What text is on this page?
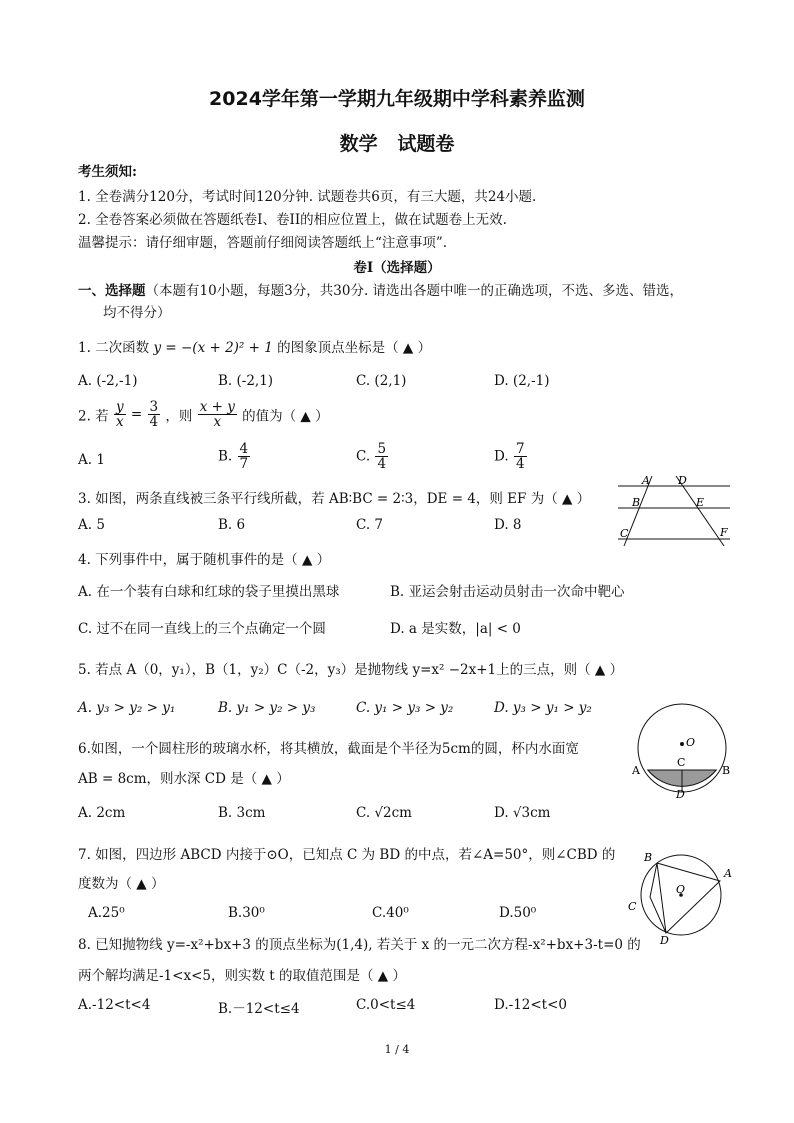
2024学年第一学期九年级期中学科素养监测
数学   试题卷
考生须知:
1. 全卷满分120分，考试时间120分钟. 试题卷共6页，有三大题，共24小题.
2. 全卷答案必须做在答题纸卷I、卷II的相应位置上，做在试题卷上无效.
温馨提示：请仔细审题，答题前仔细阅读答题纸上“注意事项”.
卷I（选择题）
一、选择题（本题有10小题，每题3分，共30分. 请选出各题中唯一的正确选项，不选、多选、错选，
均不得分）
1. 二次函数 y = −(x + 2)² + 1 的图象顶点坐标是（ ▲ ）
A. (-2,-1)	B. (-2,1)	C. (2,1)	D. (2,-1)
2. 若 $\frac{y}{x} = \frac{3}{4}$ ，则 $\frac{x + y}{x}$ 的值为（ ▲ ）
A. 1	B. $\frac{4}{7}$	C. $\frac{5}{4}$	D. $\frac{7}{4}$
3. 如图，两条直线被三条平行线所截，若 AB∶BC = 2∶3，DE = 4，则 EF 为（ ▲ ）
A. 5	B. 6	C. 7	D. 8
A
B
C
D
E
F
4. 下列事件中，属于随机事件的是（ ▲ ）
A. 在一个装有白球和红球的袋子里摸出黑球	B. 亚运会射击运动员射击一次命中靶心
C. 过不在同一直线上的三个点确定一个圆	D. a 是实数，|a| < 0
5. 若点 A（0，y₁），B（1，y₂）C（-2，y₃）是抛物线 y=x² −2x+1上的三点，则（ ▲ ）
A. y₃ > y₂ > y₁	B. y₁ > y₂ > y₃	C. y₁ > y₃ > y₂	D. y₃ > y₁ > y₂
6.如图，一个圆柱形的玻璃水杯，将其横放，截面是个半径为5cm的圆，杯内水面宽
AB = 8cm，则水深 CD 是（ ▲ ）
A. 2cm	B. 3cm	C. √2cm	D. √3cm
O
A	B
C
D
7. 如图，四边形 ABCD 内接于⊙O，已知点 C 为 BD 的中点，若∠A=50°，则∠CBD 的
度数为（ ▲ ）
A.25⁰	B.30⁰	C.40⁰	D.50⁰
B
A
O
C
D
8. 已知抛物线 y=-x²+bx+3 的顶点坐标为(1,4), 若关于 x 的一元二次方程-x²+bx+3-t=0 的
两个解均满足-1<x<5，则实数 t 的取值范围是（ ▲ ）
A.-12<t<4	B.－12<t≤4	C.0<t≤4	D.-12<t<0
1 / 4
